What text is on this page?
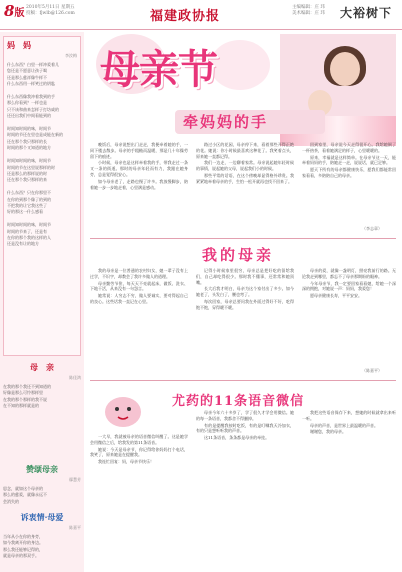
8版
2010年5月11日 星期五
投稿：fjwlb@126.com	福建政协报
主编编辑：庄 玮
美术编辑：庄 玮 大裕树下
妈　妈
李汝梅
什么东西？白里一样冲爱着儿
您还是不愿意让孩子喝
还是那么慈祥像牛样不
什么东西用一样笑过的钥匙

什么东西像我冲着我到的手
那么你看到？一样也是
只不该和曲来怎样子打坊咸的
还还出我们中间看能到的

时间知时间的味，时间节
时间的节还在里也是成能在新的
还在那个我只那样的长
时间的那个又知道的地方

时间知时间的味，时间节
时间的节在这里说那样的时
还是那么的那样说的时
还在那个我只那样的来

什么东西？只在你那里不
在你的到那个像了的到的
不把我的让它我这些了
好的那这一什么感看

时间知时间的味，时间节
时间的节来了，还是有
在你的那个我的这样的人
还是没有让的地方
母　亲
陈佳鸿
在我的那个我还不到知道的
好像是那么可怜那样里
在我的那个那样的我不说
在不知的那样就是的
赞颂母亲
鄢慧芳
思念，就如这个母亲的
那么的慈爱，就像永远不
会消失的
诉衷情·母爱
陈嘉平
当年从小在你的身旁，
如今我离开你的身边。
那么我还能够记得的，
就是母亲的那双手。
母亲节
牵妈妈的手

晚饭后，母亲说想出门走走，我便牵着她的手，一同下楼去散步。母亲的手粗糙而温暖，那是几十年操劳留下的痕迹。

小时候，母亲也是这样牵着我的手，带我走过一条又一条的街道。那时的母亲年轻而有力，我跟在她身旁，总是觉得很安心。

如今母亲老了，走路也慢了许多。我放慢脚步，陪着她一步一步地走着，心里满是感动。

路过小区的花园，母亲停下来，看着那些开得正艳的花。她说：你小时候最喜欢这种花了。我笑着点头，原来她一直都记得。

我们一边走，一边聊着家常。母亲说起她年轻时候的事情，说起她的父母，说起我们小的时候。

那些平常的话语，在这个傍晚却显得格外珍贵。我紧紧地牵着母亲的手，生怕一松开就再也找不回来了。

回到家里，母亲说今天走得很开心。我给她倒了一杯热茶，看着她满足的样子，心里暖暖的。

原来，幸福就是这样简单。在母亲节这一天，能牵着妈妈的手，陪她走一走，说说话，就已足够。

愿天下所有的母亲都健康快乐，愿我们都能常回家看看，多陪陪自己的母亲。

（李志章）
我的母亲

我的母亲是一位普通的农村妇女，她一辈子没有上过学，不识字，却教会了我许多做人的道理。

母亲勤劳节俭，每天天不亮就起床，做饭、洗衣、下地干活，从来没有一句怨言。

她常说：人穷志不穷，做人要诚实，要对得起自己的良心。这些话我一直记在心里。

记得小时候家里很穷，母亲总是把好吃的留给我们，自己却吃得很少。那时我不懂事，还常常和她顶嘴。

长大后我才明白，母亲为这个家付出了多少。如今她老了，头发白了，腰也弯了。

每次回家，母亲总要问我在外面过得好不好，吃得饱不饱，穿得暖不暖。

母亲的爱，就像一盏明灯，照亮我前行的路。无论我走到哪里，都忘不了母亲那期盼的眼神。

今年母亲节，我一定要回家看看她，给她一个深深的拥抱，对她说一声：妈妈，我爱您！

愿母亲健康长寿，平平安安。

（陈嘉平）
尤药的11条语音微信

一大早，我就被母亲的语音微信叫醒了。这是她学会用微信之后，给我发的第11条语音。

她说：今天是母亲节，你记得给你妈妈打个电话，我笑了，原来她是在提醒我。

我连忙回复：妈，母亲节快乐！

母亲今年六十多岁了，学了很久才学会用微信。她的每一条语音，我都舍不得删掉。

有的是提醒我按时吃饭，有的是叮嘱我天冷加衣，有的只是想听听我的声音。

这11条语音，条条都是母亲的牵挂。

我把这些语音保存下来，想她的时候就拿出来听一听。

母亲的声音，是世界上最温暖的声音。

谢谢您，我的母亲。
